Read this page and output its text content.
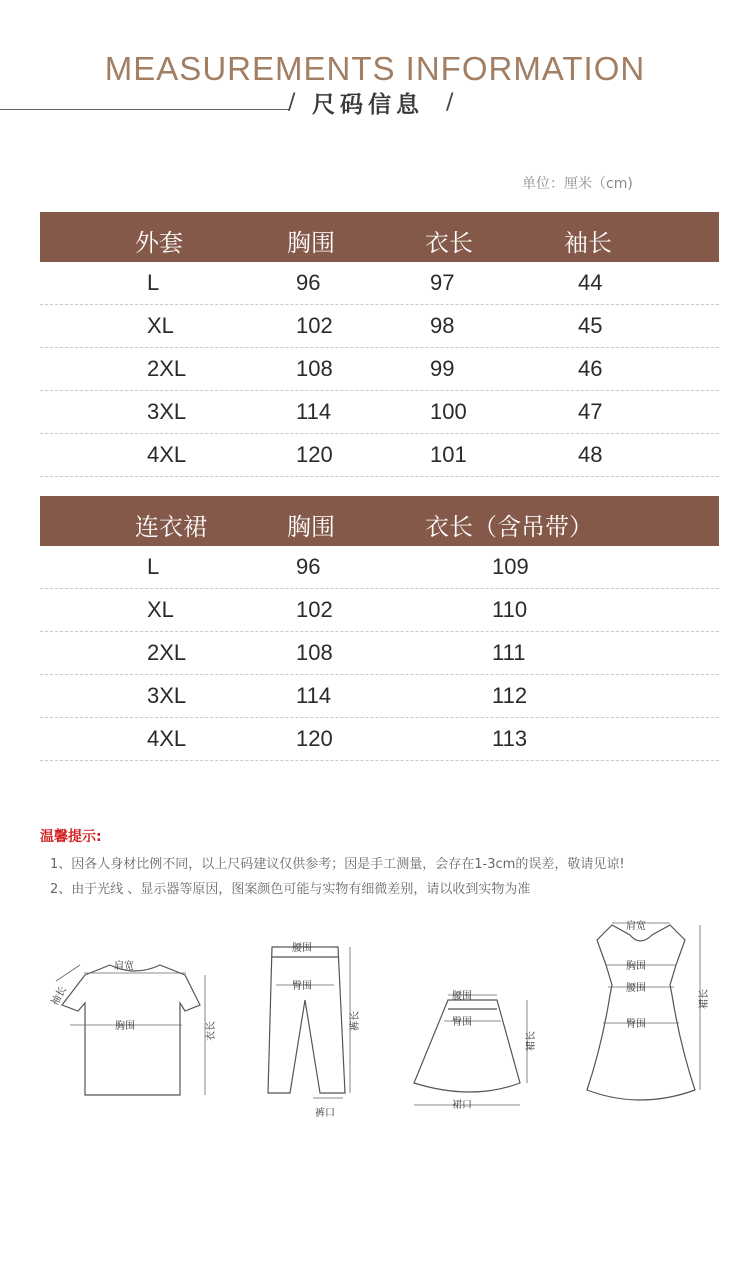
MEASUREMENTS INFORMATION
/ 尺码信息 /
单位：厘米（cm)
外套	胸围	衣长	袖长
L	96	97	44
XL	102	98	45
2XL	108	99	46
3XL	114	100	47
4XL	120	101	48
连衣裙	胸围	衣长（含吊带）
L	96	109
XL	102	110
2XL	108	111
3XL	114	112
4XL	120	113
温馨提示:
1、因各人身材比例不同，以上尺码建议仅供参考；因是手工测量，会存在1-3cm的误差，敬请见谅!
2、由于光线 、显示器等原因，图案颜色可能与实物有细微差别，请以收到实物为准
肩宽
袖长
胸围	衣长
腰围
臀围
裤长
裤口
腰围
臀围
裙长
裙口
肩宽
胸围
腰围
臀围
裙长
